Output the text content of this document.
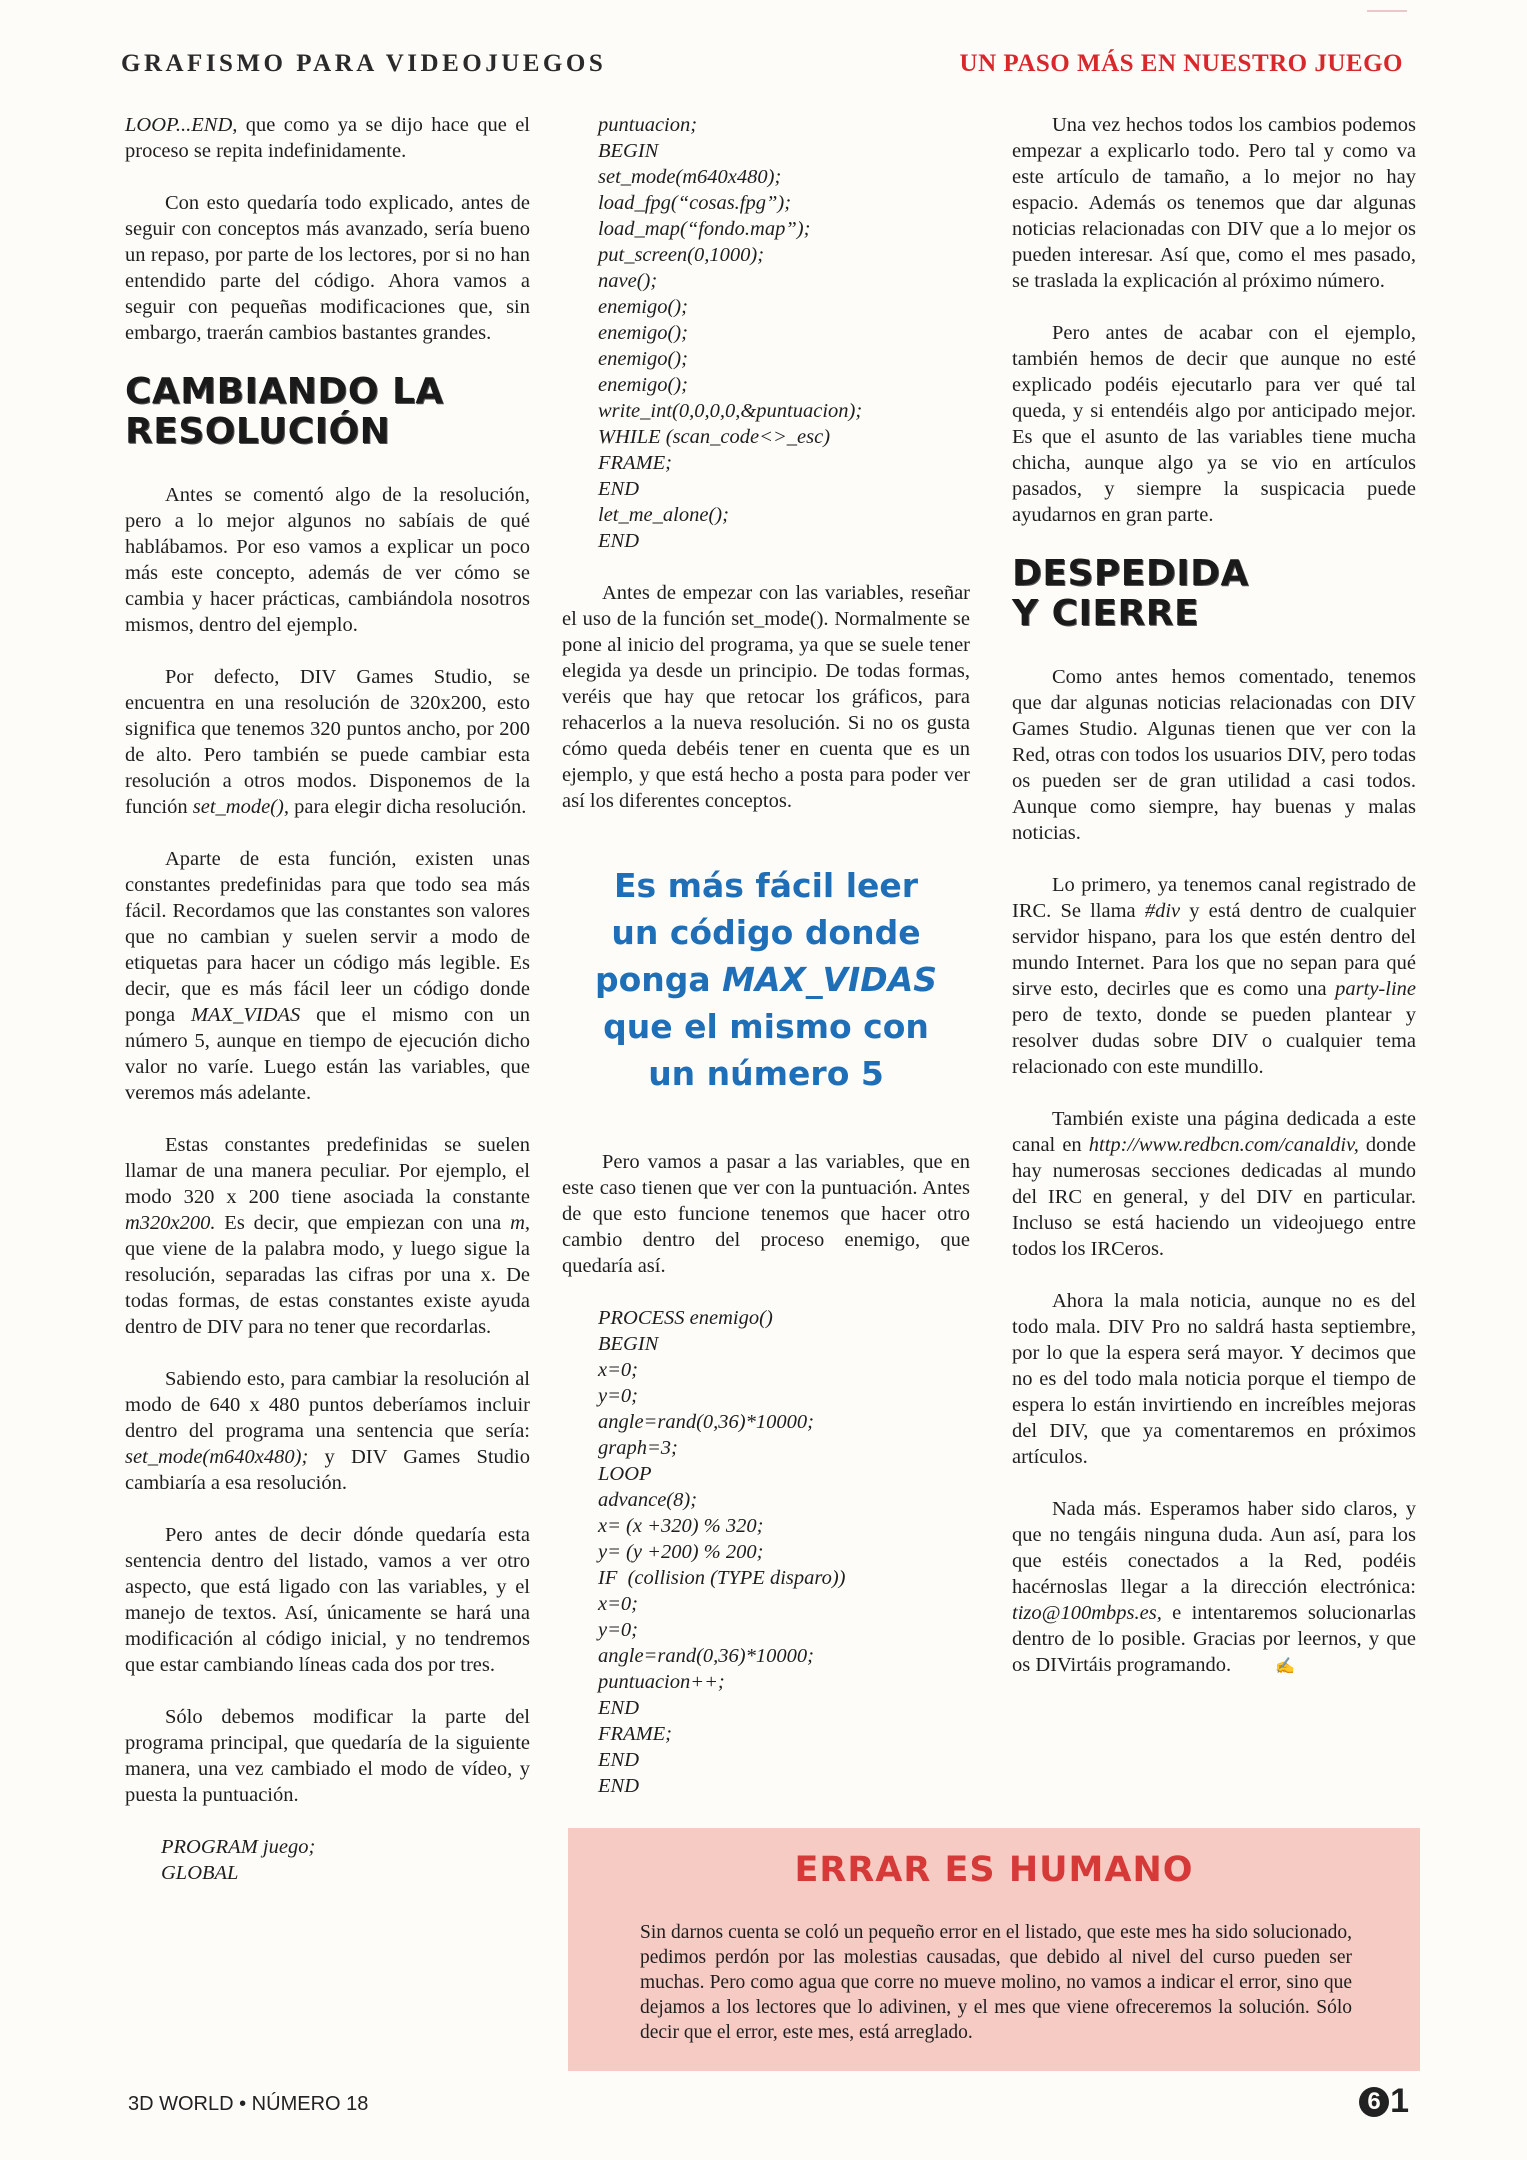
GRAFISMO PARA VIDEOJUEGOS	UN PASO MÁS EN NUESTRO JUEGO

LOOP...END, que como ya se dijo hace que el proceso se repita indefinidamente.

Con esto quedaría todo explicado, antes de seguir con conceptos más avanzado, sería bueno un repaso, por parte de los lectores, por si no han entendido parte del código. Ahora vamos a seguir con pequeñas modificaciones que, sin embargo, traerán cambios bastantes grandes.

CAMBIANDO LA
RESOLUCIÓN

Antes se comentó algo de la resolución, pero a lo mejor algunos no sabíais de qué hablábamos. Por eso vamos a explicar un poco más este concepto, además de ver cómo se cambia y hacer prácticas, cambiándola nosotros mismos, dentro del ejemplo.

Por defecto, DIV Games Studio, se encuentra en una resolución de 320x200, esto significa que tenemos 320 puntos ancho, por 200 de alto. Pero también se puede cambiar esta resolución a otros modos. Disponemos de la función set_mode(), para elegir dicha resolución.

Aparte de esta función, existen unas constantes predefinidas para que todo sea más fácil. Recordamos que las constantes son valores que no cambian y suelen servir a modo de etiquetas para hacer un código más legible. Es decir, que es más fácil leer un código donde ponga MAX_VIDAS que el mismo con un número 5, aunque en tiempo de ejecución dicho valor no varíe. Luego están las variables, que veremos más adelante.

Estas constantes predefinidas se suelen llamar de una manera peculiar. Por ejemplo, el modo 320 x 200 tiene asociada la constante m320x200. Es decir, que empiezan con una m, que viene de la palabra modo, y luego sigue la resolución, separadas las cifras por una x. De todas formas, de estas constantes existe ayuda dentro de DIV para no tener que recordarlas.

Sabiendo esto, para cambiar la resolución al modo de 640 x 480 puntos deberíamos incluir dentro del programa una sentencia que sería: set_mode(m640x480); y DIV Games Studio cambiaría a esa resolución.

Pero antes de decir dónde quedaría esta sentencia dentro del listado, vamos a ver otro aspecto, que está ligado con las variables, y el manejo de textos. Así, únicamente se hará una modificación al código inicial, y no tendremos que estar cambiando líneas cada dos por tres.

Sólo debemos modificar la parte del programa principal, que quedaría de la siguiente manera, una vez cambiado el modo de vídeo, y puesta la puntuación.

PROGRAM juego;
GLOBAL
puntuacion;
BEGIN
set_mode(m640x480);
load_fpg(“cosas.fpg”);
load_map(“fondo.map”);
put_screen(0,1000);
nave();
enemigo();
enemigo();
enemigo();
enemigo();
write_int(0,0,0,0,&puntuacion);
WHILE (scan_code<>_esc)
FRAME;
END
let_me_alone();
END

Antes de empezar con las variables, reseñar el uso de la función set_mode(). Normalmente se pone al inicio del programa, ya que se suele tener elegida ya desde un principio. De todas formas, veréis que hay que retocar los gráficos, para rehacerlos a la nueva resolución. Si no os gusta cómo queda debéis tener en cuenta que es un ejemplo, y que está hecho a posta para poder ver así los diferentes conceptos.

Es más fácil leer
un código donde
ponga MAX_VIDAS
que el mismo con
un número 5

Pero vamos a pasar a las variables, que en este caso tienen que ver con la puntuación. Antes de que esto funcione tenemos que hacer otro cambio dentro del proceso enemigo, que quedaría así.

PROCESS enemigo()
BEGIN
x=0;
y=0;
angle=rand(0,36)*10000;
graph=3;
LOOP
advance(8);
x= (x +320) % 320;
y= (y +200) % 200;
IF  (collision (TYPE disparo))
x=0;
y=0;
angle=rand(0,36)*10000;
puntuacion++;
END
FRAME;
END
END

Una vez hechos todos los cambios podemos empezar a explicarlo todo. Pero tal y como va este artículo de tamaño, a lo mejor no hay espacio. Además os tenemos que dar algunas noticias relacionadas con DIV que a lo mejor os pueden interesar. Así que, como el mes pasado, se traslada la explicación al próximo número.

Pero antes de acabar con el ejemplo, también hemos de decir que aunque no esté explicado podéis ejecutarlo para ver qué tal queda, y si entendéis algo por anticipado mejor. Es que el asunto de las variables tiene mucha chicha, aunque algo ya se vio en artículos pasados, y siempre la suspicacia puede ayudarnos en gran parte.

DESPEDIDA
Y CIERRE

Como antes hemos comentado, tenemos que dar algunas noticias relacionadas con DIV Games Studio. Algunas tienen que ver con la Red, otras con todos los usuarios DIV, pero todas os pueden ser de gran utilidad a casi todos. Aunque como siempre, hay buenas y malas noticias.

Lo primero, ya tenemos canal registrado de IRC. Se llama #div y está dentro de cualquier servidor hispano, para los que estén dentro del mundo Internet. Para los que no sepan para qué sirve esto, decirles que es como una party-line pero de texto, donde se pueden plantear y resolver dudas sobre DIV o cualquier tema relacionado con este mundillo.

También existe una página dedicada a este canal en http://www.redbcn.com/canaldiv, donde hay numerosas secciones dedicadas al mundo del IRC en general, y del DIV en particular. Incluso se está haciendo un videojuego entre todos los IRCeros.

Ahora la mala noticia, aunque no es del todo mala. DIV Pro no saldrá hasta septiembre, por lo que la espera será mayor. Y decimos que no es del todo mala noticia porque el tiempo de espera lo están invirtiendo en increíbles mejoras del DIV, que ya comentaremos en próximos artículos.

Nada más. Esperamos haber sido claros, y que no tengáis ninguna duda. Aun así, para los que estéis conectados a la Red, podéis hacérnoslas llegar a la dirección electrónica: tizo@100mbps.es, e intentaremos solucionarlas dentro de lo posible. Gracias por leernos, y que os DIVirtáis programando.	✍

ERRAR ES HUMANO
Sin darnos cuenta se coló un pequeño error en el listado, que este mes ha sido solucionado, pedimos perdón por las molestias causadas, que debido al nivel del curso pueden ser muchas. Pero como agua que corre no mueve molino, no vamos a indicar el error, sino que dejamos a los lectores que lo adivinen, y el mes que viene ofreceremos la solución. Sólo decir que el error, este mes, está arreglado.
3D WORLD • NÚMERO 18	6 1
